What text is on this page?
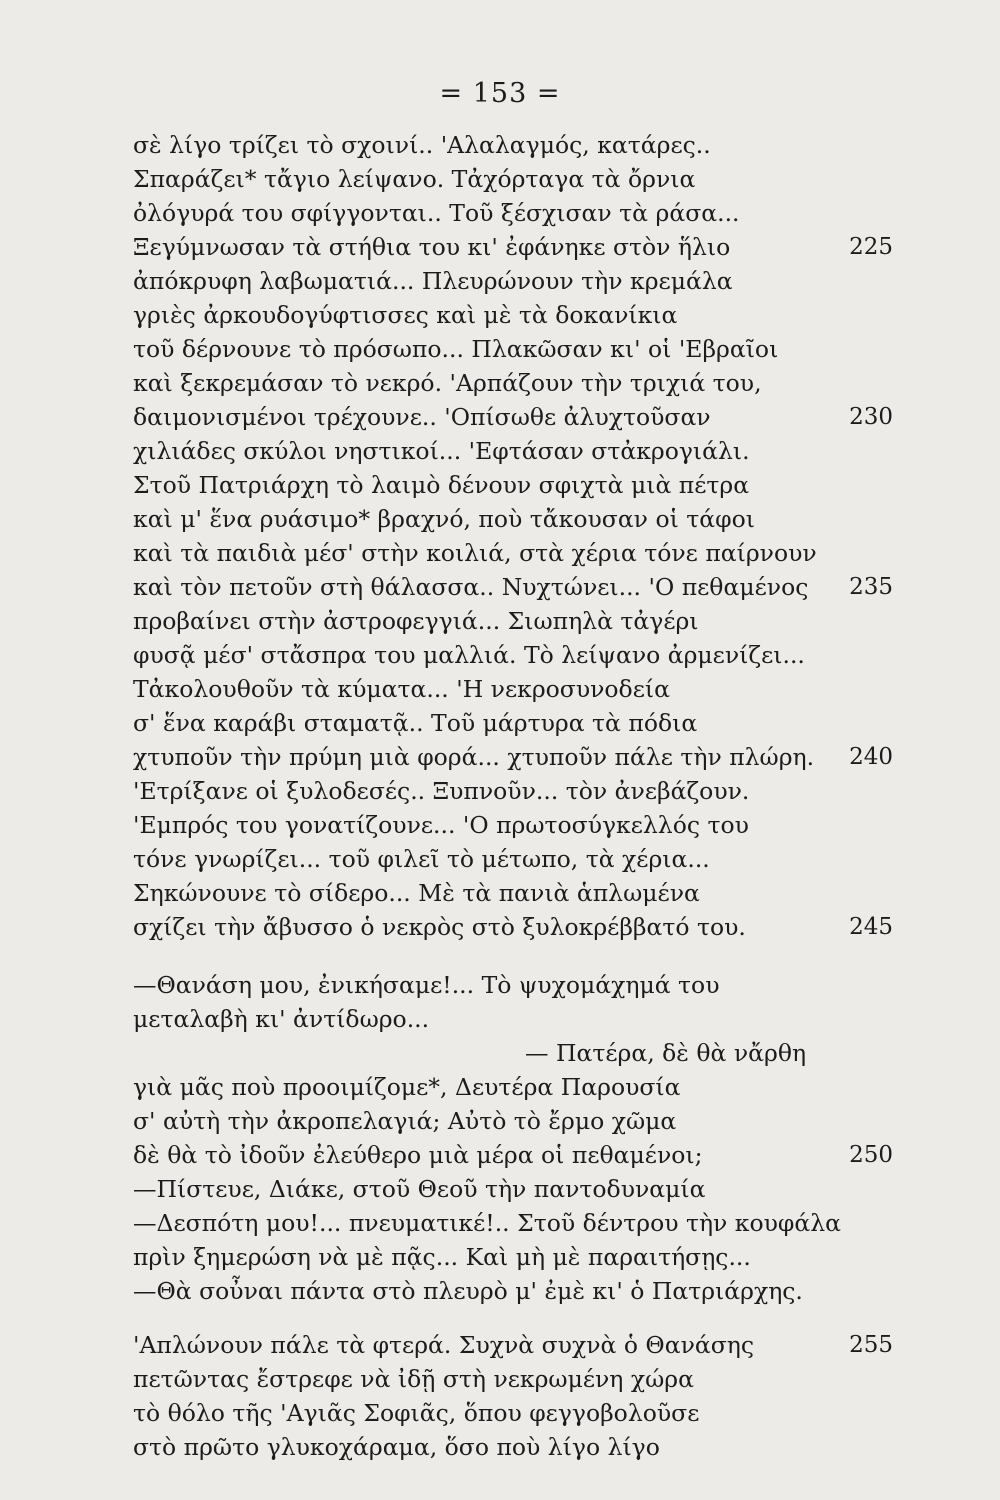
= 153 =
σὲ λίγο τρίζει τὸ σχοινί.. 'Αλαλαγμός, κατάρες..
Σπαράζει* τἄγιο λείψανο. Τἀχόρταγα τὰ ὄρνια
ὀλόγυρά του σφίγγονται.. Τοῦ ξέσχισαν τὰ ράσα...
Ξεγύμνωσαν τὰ στήθια του κι' ἐφάνηκε στὸν ἥλιο	225
ἀπόκρυφη λαβωματιά... Πλευρώνουν τὴν κρεμάλα
γριὲς ἀρκουδογύφτισσες καὶ μὲ τὰ δοκανίκια
τοῦ δέρνουνε τὸ πρόσωπο... Πλακῶσαν κι' οἱ 'Εβραῖοι
καὶ ξεκρεμάσαν τὸ νεκρό. 'Αρπάζουν τὴν τριχιά του,
δαιμονισμένοι τρέχουνε.. 'Οπίσωθε ἀλυχτοῦσαν	230
χιλιάδες σκύλοι νηστικοί... 'Εφτάσαν στἀκρογιάλι.
Στοῦ Πατριάρχη τὸ λαιμὸ δένουν σφιχτὰ μιὰ πέτρα
καὶ μ' ἕνα ρυάσιμο* βραχνό, ποὺ τἄκουσαν οἱ τάφοι
καὶ τὰ παιδιὰ μέσ' στὴν κοιλιά, στὰ χέρια τόνε παίρνουν
καὶ τὸν πετοῦν στὴ θάλασσα.. Νυχτώνει... 'Ο πεθαμένος 235
προβαίνει στὴν ἀστροφεγγιά... Σιωπηλὰ τἀγέρι
φυσᾷ μέσ' στἄσπρα του μαλλιά. Τὸ λείψανο ἀρμενίζει...
Τἀκολουθοῦν τὰ κύματα... 'Η νεκροσυνοδεία
σ' ἕνα καράβι σταματᾷ.. Τοῦ μάρτυρα τὰ πόδια
χτυποῦν τὴν πρύμη μιὰ φορά... χτυποῦν πάλε τὴν πλώρη. 240
'Ετρίξανε οἱ ξυλοδεσές.. Ξυπνοῦν... τὸν ἀνεβάζουν.
'Εμπρός του γονατίζουνε... 'Ο πρωτοσύγκελλός του
τόνε γνωρίζει... τοῦ φιλεῖ τὸ μέτωπο, τὰ χέρια...
Σηκώνουνε τὸ σίδερο... Μὲ τὰ πανιὰ ἁπλωμένα
σχίζει τὴν ἄβυσσο ὁ νεκρὸς στὸ ξυλοκρέββατό του.	245
—Θανάση μου, ἐνικήσαμε!... Τὸ ψυχομάχημά του
μεταλαβὴ κι' ἀντίδωρο...
— Πατέρα, δὲ θὰ νἄρθη
γιὰ μᾶς ποὺ προοιμίζομε*, Δευτέρα Παρουσία
σ' αὐτὴ τὴν ἀκροπελαγιά; Αὐτὸ τὸ ἔρμο χῶμα
δὲ θὰ τὸ ἰδοῦν ἐλεύθερο μιὰ μέρα οἱ πεθαμένοι;	250
—Πίστευε, Διάκε, στοῦ Θεοῦ τὴν παντοδυναμία
—Δεσπότη μου!... πνευματικέ!.. Στοῦ δέντρου τὴν κουφάλα
πρὶν ξημερώση νὰ μὲ πᾷς... Καὶ μὴ μὲ παραιτήσῃς...
—Θὰ σοὖναι πάντα στὸ πλευρὸ μ' ἐμὲ κι' ὁ Πατριάρχης.
'Απλώνουν πάλε τὰ φτερά. Συχνὰ συχνὰ ὁ Θανάσης	255
πετῶντας ἔστρεφε νὰ ἰδῇ στὴ νεκρωμένη χώρα
τὸ θόλο τῆς 'Αγιᾶς Σοφιᾶς, ὅπου φεγγοβολοῦσε
στὸ πρῶτο γλυκοχάραμα, ὅσο ποὺ λίγο λίγο
